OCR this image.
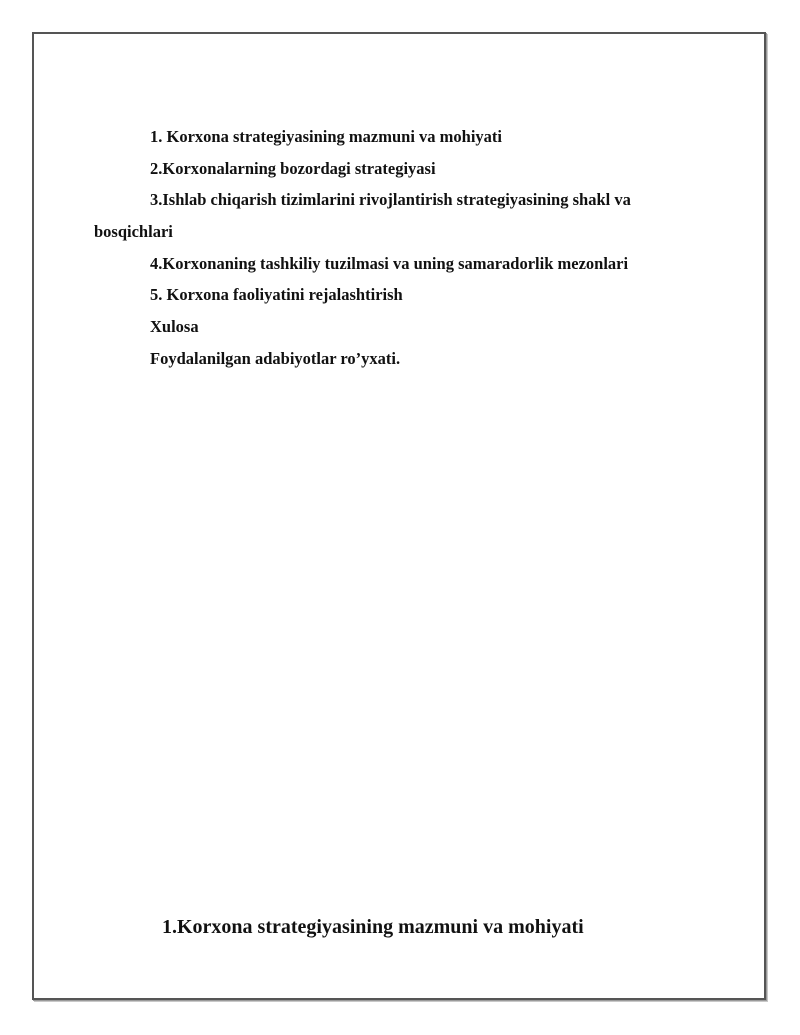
1. Korxona strategiyasining mazmuni va mohiyati
2.Korxonalarning bozordagi strategiyasi
3.Ishlab chiqarish tizimlarini rivojlantirish strategiyasining shakl va
bosqichlari
4.Korxonaning tashkiliy tuzilmasi va uning samaradorlik mezonlari
5. Korxona faoliyatini rejalashtirish
Xulosa
Foydalanilgan adabiyotlar ro’yxati.
1.Korxona strategiyasining mazmuni va mohiyati
